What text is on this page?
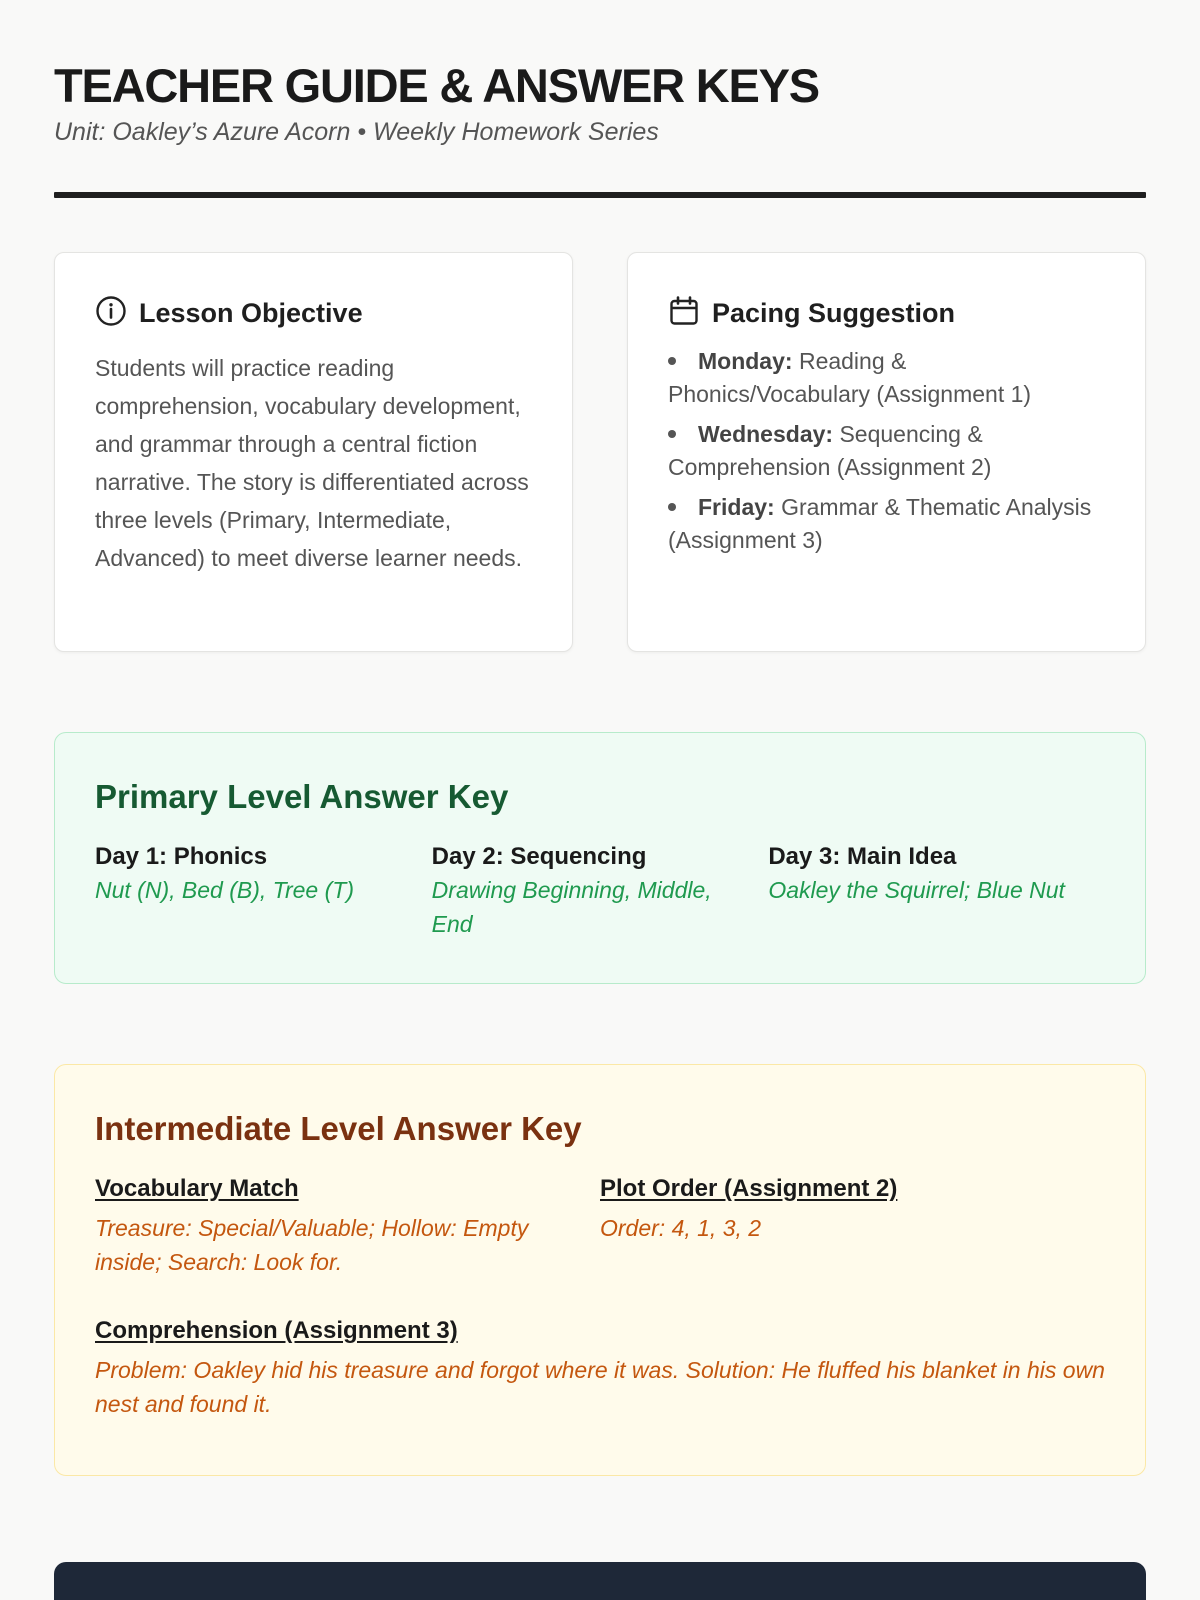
TEACHER GUIDE & ANSWER KEYS
Unit: Oakley’s Azure Acorn • Weekly Homework Series
Lesson Objective

Students will practice reading comprehension, vocabulary development, and grammar through a central fiction narrative. The story is differentiated across three levels (Primary, Intermediate, Advanced) to meet diverse learner needs.

Pacing Suggestion
Monday: Reading & Phonics/Vocabulary (Assignment 1)
Wednesday: Sequencing & Comprehension (Assignment 2)
Friday: Grammar & Thematic Analysis (Assignment 3)
Primary Level Answer Key
Day 1: Phonics
Nut (N), Bed (B), Tree (T)
Day 2: Sequencing
Drawing Beginning, Middle, End
Day 3: Main Idea
Oakley the Squirrel; Blue Nut
Intermediate Level Answer Key
Vocabulary Match
Treasure: Special/Valuable; Hollow: Empty inside; Search: Look for.
Plot Order (Assignment 2)
Order: 4, 1, 3, 2
Comprehension (Assignment 3)
Problem: Oakley hid his treasure and forgot where it was. Solution: He fluffed his blanket in his own nest and found it.
